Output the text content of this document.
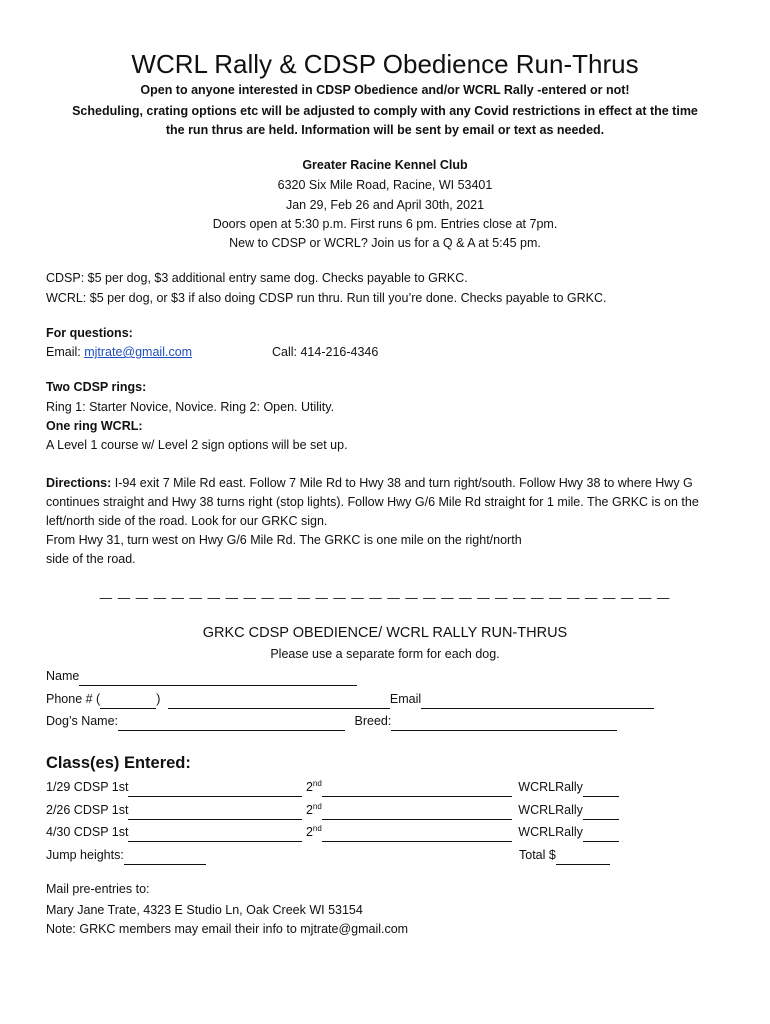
WCRL Rally & CDSP Obedience Run-Thrus
Open to anyone interested in CDSP Obedience and/or WCRL Rally -entered or not!
Scheduling, crating options etc will be adjusted to comply with any Covid restrictions in effect at the time
the run thrus are held. Information will be sent by email or text as needed.
Greater Racine Kennel Club
6320 Six Mile Road, Racine, WI 53401
Jan 29, Feb 26 and April 30th, 2021
Doors open at 5:30 p.m. First runs 6 pm. Entries close at 7pm.
New to CDSP or WCRL? Join us for a Q & A at 5:45 pm.
CDSP: $5 per dog, $3 additional entry same dog. Checks payable to GRKC.
WCRL: $5 per dog, or $3 if also doing CDSP run thru. Run till you’re done. Checks payable to GRKC.
For questions:
Email: mjtrate@gmail.com	Call: 414-216-4346
Two CDSP rings:
Ring 1: Starter Novice, Novice. Ring 2: Open. Utility.
One ring WCRL:
A Level 1 course w/ Level 2 sign options will be set up.
Directions: I-94 exit 7 Mile Rd east. Follow 7 Mile Rd to Hwy 38 and turn right/south. Follow Hwy 38 to where Hwy G continues straight and Hwy 38 turns right (stop lights). Follow Hwy G/6 Mile Rd straight for 1 mile. The GRKC is on the left/north side of the road. Look for our GRKC sign.
From Hwy 31, turn west on Hwy G/6 Mile Rd. The GRKC is one mile on the right/north
side of the road.
— — — — — — — — — — — — — — — — — — — — — — — — — — — — — — — —
GRKC CDSP OBEDIENCE/ WCRL RALLY RUN-THRUS
Please use a separate form for each dog.
Name
Phone # (	)	Email
Dog’s Name:	Breed:
Class(es) Entered:
1/29 CDSP 1st	2nd	WCRLRally
2/26 CDSP 1st	2nd	WCRLRally
4/30 CDSP 1st	2nd	WCRLRally
Jump heights:	Total $
Mail pre-entries to:
Mary Jane Trate, 4323 E Studio Ln, Oak Creek WI 53154
Note: GRKC members may email their info to mjtrate@gmail.com
